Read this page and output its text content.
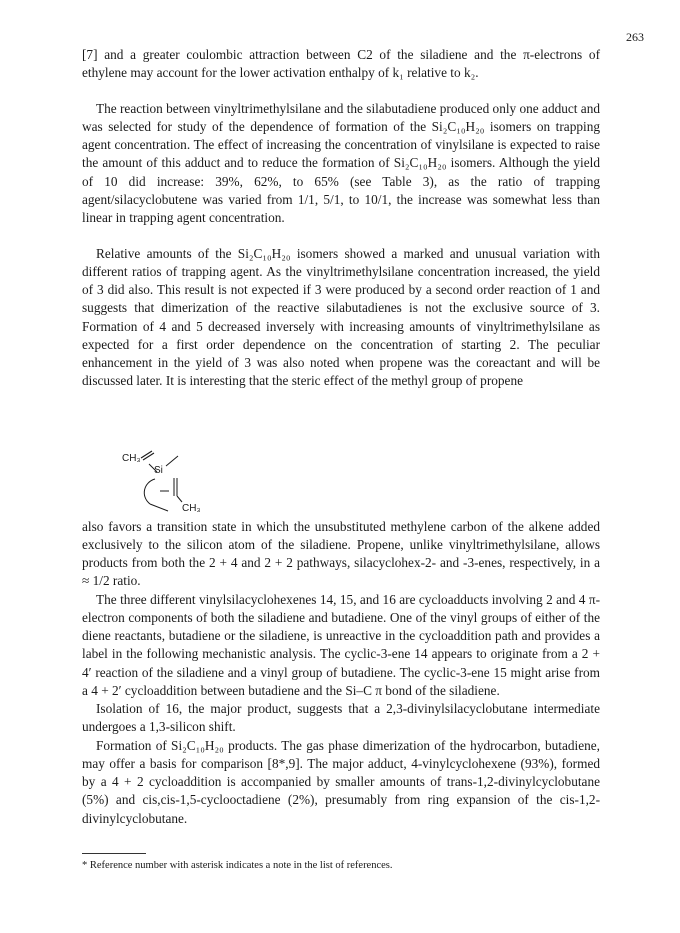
263

[7] and a greater coulombic attraction between C2 of the siladiene and the π-electrons of ethylene may account for the lower activation enthalpy of k₁ relative to k₂.

The reaction between vinyltrimethylsilane and the silabutadiene produced only one adduct and was selected for study of the dependence of formation of the Si₂C₁₀H₂₀ isomers on trapping agent concentration. The effect of increasing the concentration of vinylsilane is expected to raise the amount of this adduct and to reduce the formation of Si₂C₁₀H₂₀ isomers. Although the yield of 10 did increase: 39%, 62%, to 65% (see Table 3), as the ratio of trapping agent/silacyclobutene was varied from 1/1, 5/1, to 10/1, the increase was somewhat less than linear in trapping agent concentration.

Relative amounts of the Si₂C₁₀H₂₀ isomers showed a marked and unusual variation with different ratios of trapping agent. As the vinyltrimethylsilane concentration increased, the yield of 3 did also. This result is not expected if 3 were produced by a second order reaction of 1 and suggests that dimerization of the reactive silabutadienes is not the exclusive source of 3. Formation of 4 and 5 decreased inversely with increasing amounts of vinyltrimethylsilane as expected for a first order dependence on the concentration of starting 2. The peculiar enhancement in the yield of 3 was also noted when propene was the coreactant and will be discussed later. It is interesting that the steric effect of the methyl group of propene

CH₃
Si
CH₃

also favors a transition state in which the unsubstituted methylene carbon of the alkene added exclusively to the silicon atom of the siladiene. Propene, unlike vinyltrimethylsilane, allows products from both the 2 + 4 and 2 + 2 pathways, silacyclohex-2- and -3-enes, respectively, in a ≈ 1/2 ratio.

The three different vinylsilacyclohexenes 14, 15, and 16 are cycloadducts involving 2 and 4 π-electron components of both the siladiene and butadiene. One of the vinyl groups of either of the diene reactants, butadiene or the siladiene, is unreactive in the cycloaddition path and provides a label in the following mechanistic analysis. The cyclic-3-ene 14 appears to originate from a 2 + 4′ reaction of the siladiene and a vinyl group of butadiene. The cyclic-3-ene 15 might arise from a 4 + 2′ cycloaddition between butadiene and the Si–C π bond of the siladiene.

Isolation of 16, the major product, suggests that a 2,3-divinylsilacyclobutane intermediate undergoes a 1,3-silicon shift.

Formation of Si₂C₁₀H₂₀ products. The gas phase dimerization of the hydrocarbon, butadiene, may offer a basis for comparison [8*,9]. The major adduct, 4-vinylcyclohexene (93%), formed by a 4 + 2 cycloaddition is accompanied by smaller amounts of trans-1,2-divinylcyclobutane (5%) and cis,cis-1,5-cyclooctadiene (2%), presumably from ring expansion of the cis-1,2-divinylcyclobutane.

* Reference number with asterisk indicates a note in the list of references.
